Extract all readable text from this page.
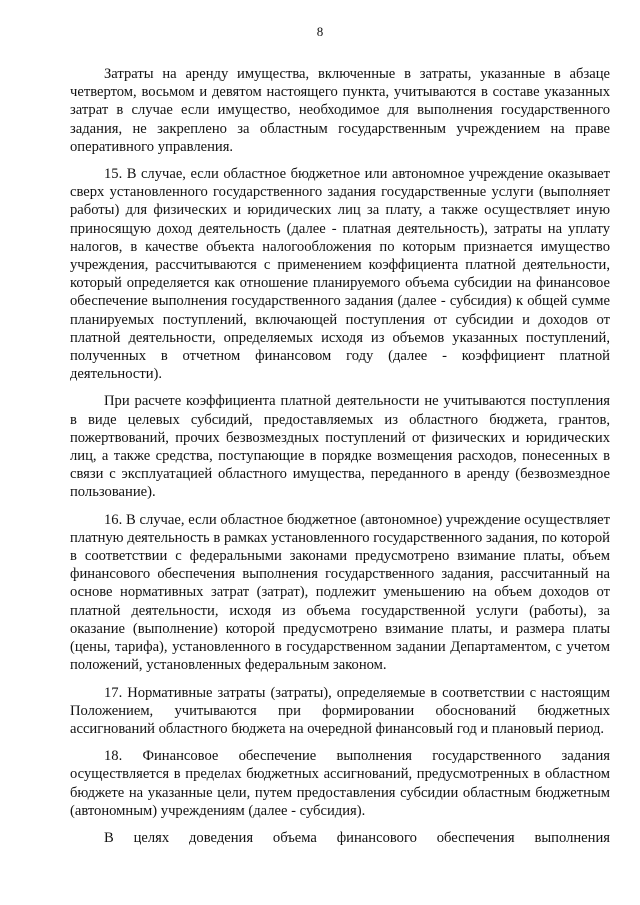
8

Затраты на аренду имущества, включенные в затраты, указанные в абзаце четвертом, восьмом и девятом настоящего пункта, учитываются в составе указанных затрат в случае если имущество, необходимое для выполнения государственного задания, не закреплено за областным государственным учреждением на праве оперативного управления.

15. В случае, если областное бюджетное или автономное учреждение оказывает сверх установленного государственного задания государственные услуги (выполняет работы) для физических и юридических лиц за плату, а также осуществляет иную приносящую доход деятельность (далее - платная деятельность), затраты на уплату налогов, в качестве объекта налогообложения по которым признается имущество учреждения, рассчитываются с применением коэффициента платной деятельности, который определяется как отношение планируемого объема субсидии на финансовое обеспечение выполнения государственного задания (далее - субсидия) к общей сумме планируемых поступлений, включающей поступления от субсидии и доходов от платной деятельности, определяемых исходя из объемов указанных поступлений, полученных в отчетном финансовом году (далее - коэффициент платной деятельности).

При расчете коэффициента платной деятельности не учитываются поступления в виде целевых субсидий, предоставляемых из областного бюджета, грантов, пожертвований, прочих безвозмездных поступлений от физических и юридических лиц, а также средства, поступающие в порядке возмещения расходов, понесенных в связи с эксплуатацией областного имущества, переданного в аренду (безвозмездное пользование).

16. В случае, если областное бюджетное (автономное) учреждение осуществляет платную деятельность в рамках установленного государственного задания, по которой в соответствии с федеральными законами предусмотрено взимание платы, объем финансового обеспечения выполнения государственного задания, рассчитанный на основе нормативных затрат (затрат), подлежит уменьшению на объем доходов от платной деятельности, исходя из объема государственной услуги (работы), за оказание (выполнение) которой предусмотрено взимание платы, и размера платы (цены, тарифа), установленного в государственном задании Департаментом, с учетом положений, установленных федеральным законом.

17. Нормативные затраты (затраты), определяемые в соответствии с настоящим Положением, учитываются при формировании обоснований бюджетных ассигнований областного бюджета на очередной финансовый год и плановый период.

18. Финансовое обеспечение выполнения государственного задания осуществляется в пределах бюджетных ассигнований, предусмотренных в областном бюджете на указанные цели, путем предоставления субсидии областным бюджетным (автономным) учреждениям (далее - субсидия).

В целях доведения объема финансового обеспечения выполнения
